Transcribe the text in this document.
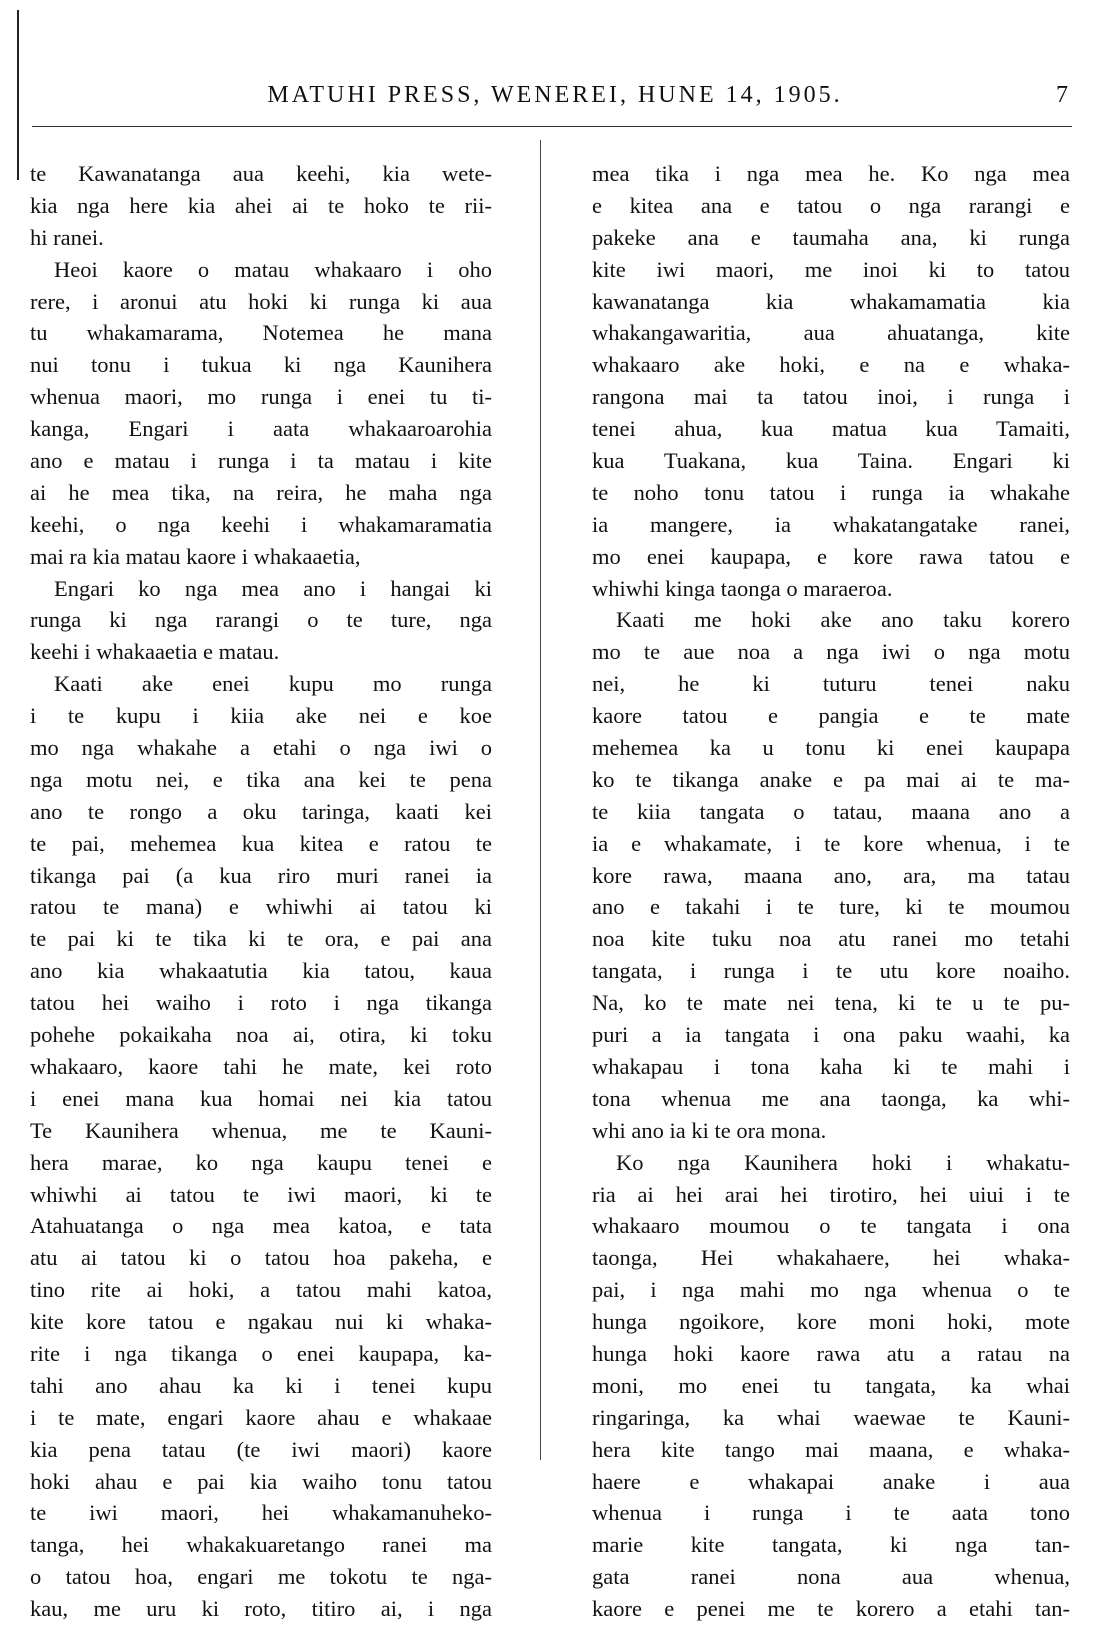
MATUHI PRESS, WENEREI, HUNE 14, 1905.	7
te Kawanatanga aua keehi, kia wete-
kia nga here kia ahei ai te hoko te rii-
hi ranei.
Heoi kaore o matau whakaaro i oho
rere, i aronui atu hoki ki runga ki aua
tu whakamarama, Notemea he mana
nui tonu i tukua ki nga Kaunihera
whenua maori, mo runga i enei tu ti-
kanga, Engari i aata whakaaroarohia
ano e matau i runga i ta matau i kite
ai he mea tika, na reira, he maha nga
keehi, o nga keehi i whakamaramatia
mai ra kia matau kaore i whakaaetia,
Engari ko nga mea ano i hangai ki
runga ki nga rarangi o te ture, nga
keehi i whakaaetia e matau.
Kaati ake enei kupu mo runga
i te kupu i kiia ake nei e koe
mo nga whakahe a etahi o nga iwi o
nga motu nei, e tika ana kei te pena
ano te rongo a oku taringa, kaati kei
te pai, mehemea kua kitea e ratou te
tikanga pai (a kua riro muri ranei ia
ratou te mana) e whiwhi ai tatou ki
te pai ki te tika ki te ora, e pai ana
ano kia whakaatutia kia tatou, kaua
tatou hei waiho i roto i nga tikanga
pohehe pokaikaha noa ai, otira, ki toku
whakaaro, kaore tahi he mate, kei roto
i enei mana kua homai nei kia tatou
Te Kaunihera whenua, me te Kauni-
hera marae, ko nga kaupu tenei e
whiwhi ai tatou te iwi maori, ki te
Atahuatanga o nga mea katoa, e tata
atu ai tatou ki o tatou hoa pakeha, e
tino rite ai hoki, a tatou mahi katoa,
kite kore tatou e ngakau nui ki whaka-
rite i nga tikanga o enei kaupapa, ka-
tahi ano ahau ka ki i tenei kupu
i te mate, engari kaore ahau e whakaae
kia pena tatau (te iwi maori) kaore
hoki ahau e pai kia waiho tonu tatou
te iwi maori, hei whakamanuheko-
tanga, hei whakakuaretango ranei ma
o tatou hoa, engari me tokotu te nga-
kau, me uru ki roto, titiro ai, i nga
mea tika i nga mea he. Ko nga mea
e kitea ana e tatou o nga rarangi e
pakeke ana e taumaha ana, ki runga
kite iwi maori, me inoi ki to tatou
kawanatanga kia whakamamatia kia
whakangawaritia, aua ahuatanga, kite
whakaaro ake hoki, e na e whaka-
rangona mai ta tatou inoi, i runga i
tenei ahua, kua matua kua Tamaiti,
kua Tuakana, kua Taina. Engari ki
te noho tonu tatou i runga ia whakahe
ia mangere, ia whakatangatake ranei,
mo enei kaupapa, e kore rawa tatou e
whiwhi kinga taonga o maraeroa.
Kaati me hoki ake ano taku korero
mo te aue noa a nga iwi o nga motu
nei, he ki tuturu tenei naku
kaore tatou e pangia e te mate
mehemea ka u tonu ki enei kaupapa
ko te tikanga anake e pa mai ai te ma-
te kiia tangata o tatau, maana ano a
ia e whakamate, i te kore whenua, i te
kore rawa, maana ano, ara, ma tatau
ano e takahi i te ture, ki te moumou
noa kite tuku noa atu ranei mo tetahi
tangata, i runga i te utu kore noaiho.
Na, ko te mate nei tena, ki te u te pu-
puri a ia tangata i ona paku waahi, ka
whakapau i tona kaha ki te mahi i
tona whenua me ana taonga, ka whi-
whi ano ia ki te ora mona.
Ko nga Kaunihera hoki i whakatu-
ria ai hei arai hei tirotiro, hei uiui i te
whakaaro moumou o te tangata i ona
taonga, Hei whakahaere, hei whaka-
pai, i nga mahi mo nga whenua o te
hunga ngoikore, kore moni hoki, mote
hunga hoki kaore rawa atu a ratau na
moni, mo enei tu tangata, ka whai
ringaringa, ka whai waewae te Kauni-
hera kite tango mai maana, e whaka-
haere e whakapai anake i aua
whenua i runga i te aata tono
marie kite tangata, ki nga tan-
gata ranei nona aua whenua,
kaore e penei me te korero a etahi tan-
